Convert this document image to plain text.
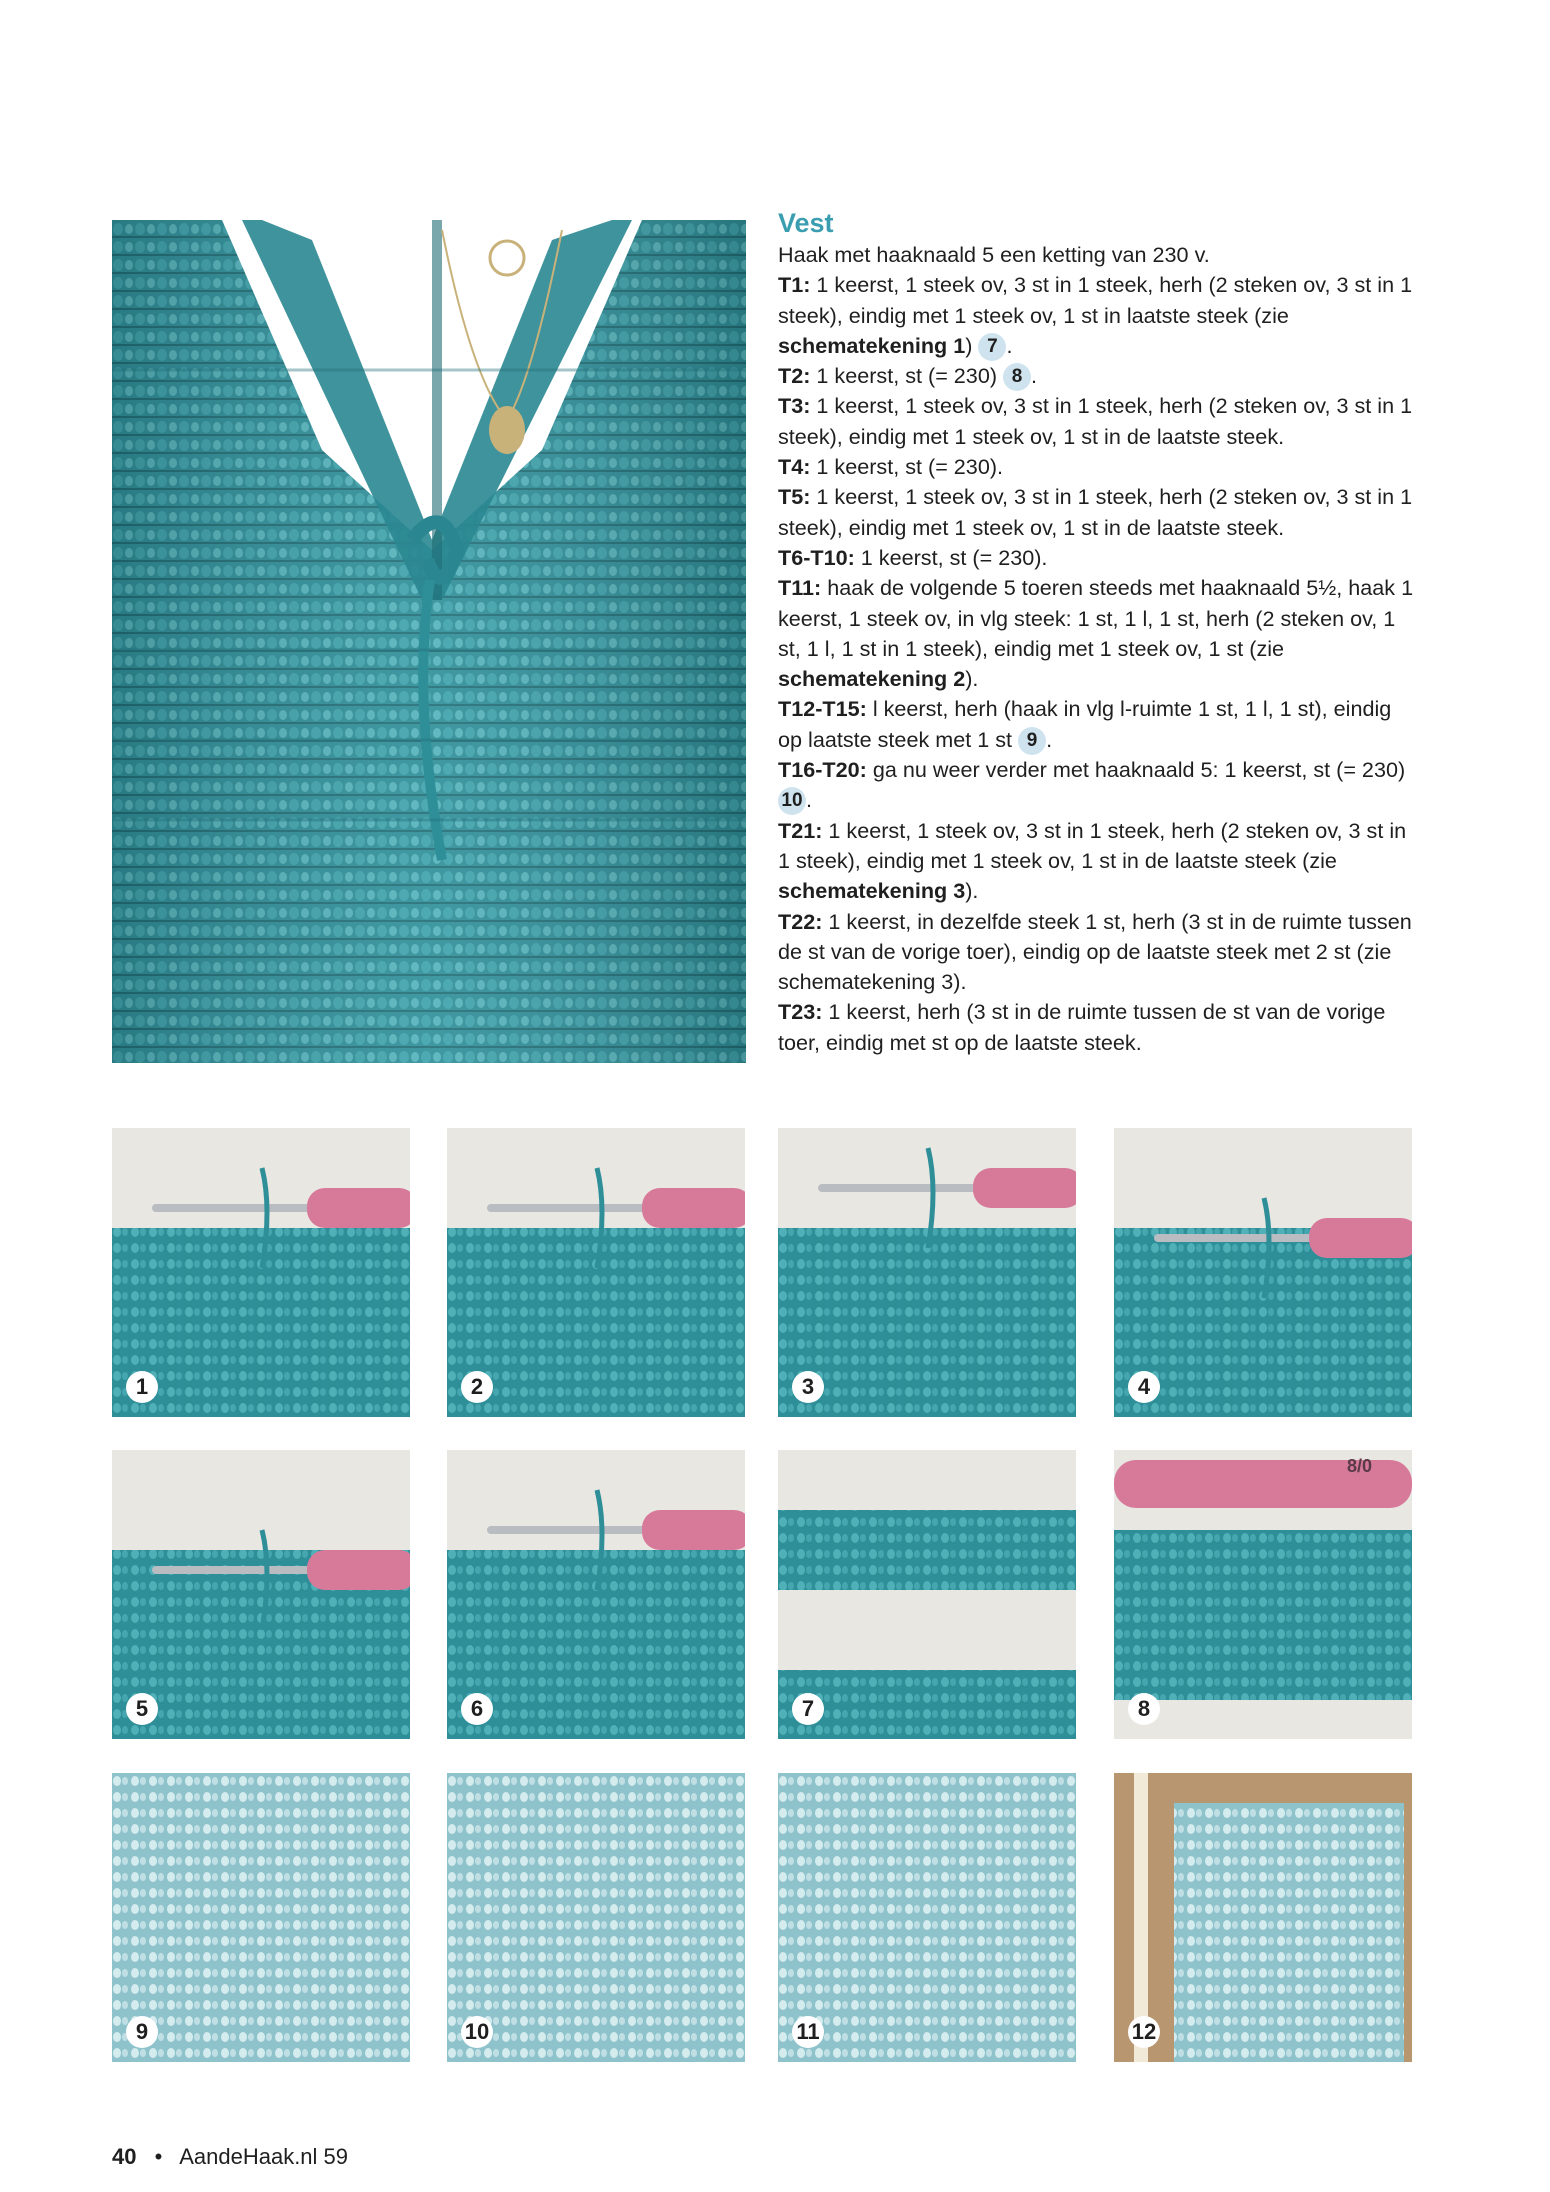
Vest

Haak met haaknaald 5 een ketting van 230 v.

T1: 1 keerst, 1 steek ov, 3 st in 1 steek, herh (2 steken ov, 3 st in 1 steek), eindig met 1 steek ov, 1 st in laatste steek (zie schematekening 1) 7 .

T2: 1 keerst, st (= 230) 8 .

T3: 1 keerst, 1 steek ov, 3 st in 1 steek, herh (2 steken ov, 3 st in 1 steek), eindig met 1 steek ov, 1 st in de laatste steek.

T4: 1 keerst, st (= 230).

T5: 1 keerst, 1 steek ov, 3 st in 1 steek, herh (2 steken ov, 3 st in 1 steek), eindig met 1 steek ov, 1 st in de laatste steek.

T6-T10: 1 keerst, st (= 230).

T11: haak de volgende 5 toeren steeds met haaknaald 5½, haak 1 keerst, 1 steek ov, in vlg steek: 1 st, 1 l, 1 st, herh (2 steken ov, 1 st, 1 l, 1 st in 1 steek), eindig met 1 steek ov, 1 st (zie schematekening 2).

T12-T15: l keerst, herh (haak in vlg l-ruimte 1 st, 1 l, 1 st), eindig op laatste steek met 1 st 9 .

T16-T20: ga nu weer verder met haaknaald 5: 1 keerst, st (= 230) 10 .

T21: 1 keerst, 1 steek ov, 3 st in 1 steek, herh (2 steken ov, 3 st in 1 steek), eindig met 1 steek ov, 1 st in de laatste steek (zie schematekening 3).

T22: 1 keerst, in dezelfde steek 1 st, herh (3 st in de ruimte tussen de st van de vorige toer), eindig op de laatste steek met 2 st (zie schematekening 3).

T23: 1 keerst, herh (3 st in de ruimte tussen de st van de vorige toer, eindig met st op de laatste steek.

1	2	3	4
5	6	7
8/0
8
9	10	11	12
40 • AandeHaak.nl 59
